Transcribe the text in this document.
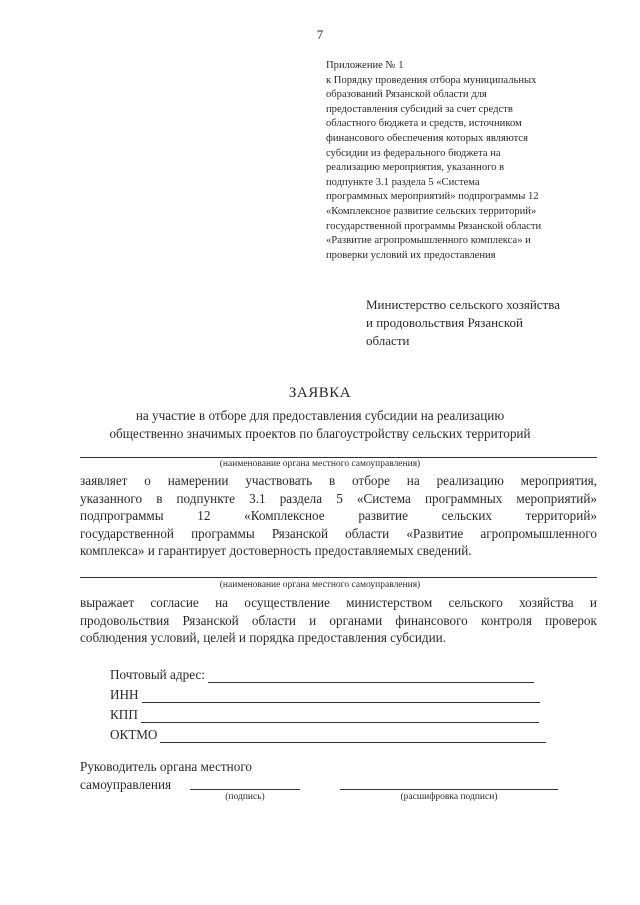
7
Приложение № 1
к Порядку проведения отбора муниципальных
образований Рязанской области для
предоставления субсидий за счет средств
областного бюджета и средств, источником
финансового обеспечения которых являются
субсидии из федерального бюджета на
реализацию мероприятия, указанного в
подпункте 3.1 раздела 5 «Система
программных мероприятий» подпрограммы 12
«Комплексное развитие сельских территорий»
государственной программы Рязанской области
«Развитие агропромышленного комплекса» и
проверки условий их предоставления
Министерство сельского хозяйства
и продовольствия Рязанской
области
ЗАЯВКА
на участие в отборе для предоставления субсидии на реализацию
общественно значимых проектов по благоустройству сельских территорий
(наименование органа местного самоуправления)
заявляет о намерении участвовать в отборе на реализацию мероприятия,
указанного в подпункте 3.1 раздела 5 «Система программных мероприятий»
подпрограммы	12	«Комплексное	развитие	сельских	территорий»
государственной программы Рязанской области «Развитие агропромышленного
комплекса» и гарантирует достоверность предоставляемых сведений.
(наименование органа местного самоуправления)
выражает согласие на осуществление министерством сельского хозяйства и
продовольствия Рязанской области и органами финансового контроля проверок
соблюдения условий, целей и порядка предоставления субсидии.
Почтовый адрес:
ИНН
КПП
ОКТМО
Руководитель органа местного
самоуправления
(подпись)	(расшифровка подписи)
